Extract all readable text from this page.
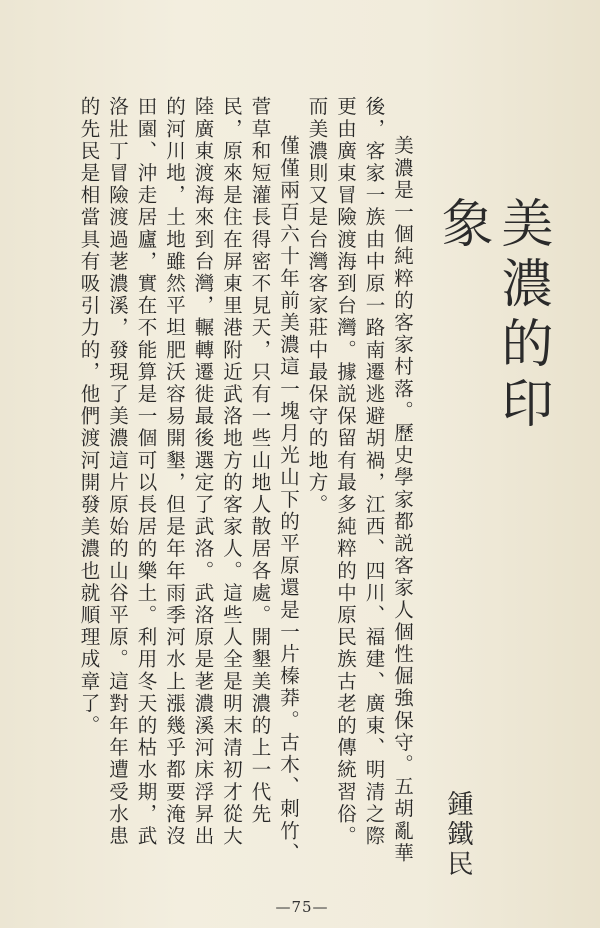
美濃的印象
鍾鐵民

美濃是一個純粹的客家村落。歷史學家都説客家人個性倔強保守。五胡亂華後，客家一族由中原一路南遷逃避胡禍，江西、四川、福建、廣東、明清之際更由廣東冒險渡海到台灣。據説保留有最多純粹的中原民族古老的傳統習俗。而美濃則又是台灣客家莊中最保守的地方。

僅僅兩百六十年前美濃這一塊月光山下的平原還是一片榛莽。古木、刺竹、菅草和短灌長得密不見天，只有一些山地人散居各處。開墾美濃的上一代先民，原來是住在屏東里港附近武洛地方的客家人。這些人全是明末清初才從大陸廣東渡海來到台灣，輾轉遷徙最後選定了武洛。武洛原是荖濃溪河床浮昇出的河川地，土地雖然平坦肥沃容易開墾，但是年年雨季河水上漲幾乎都要淹沒田園、沖走居廬，實在不能算是一個可以長居的樂土。利用冬天的枯水期，武洛壯丁冒險渡過荖濃溪，發現了美濃這片原始的山谷平原。這對年年遭受水患的先民是相當具有吸引力的，他們渡河開發美濃也就順理成章了。

—75—
